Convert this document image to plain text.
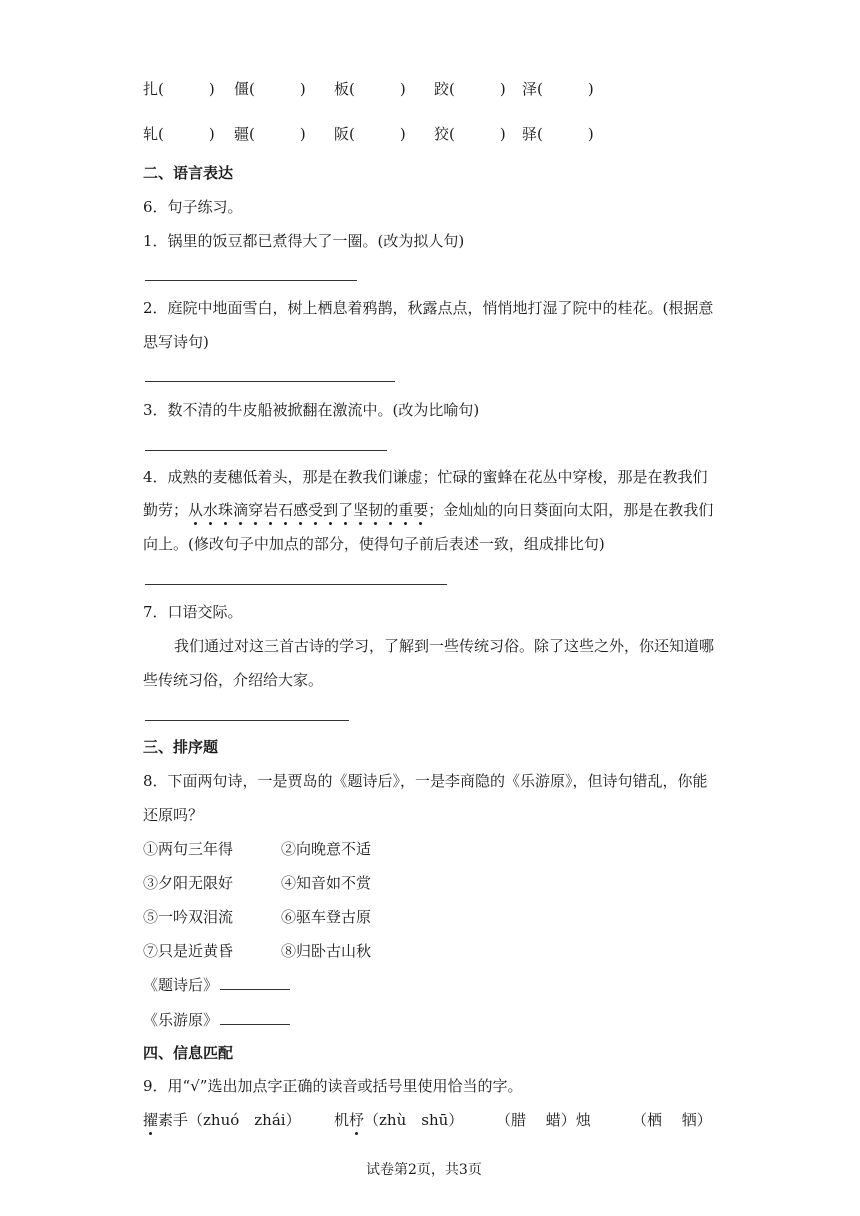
扎(　　　) 僵(　　　) 板(　　　) 跤(　　　) 泽(　　　)
轧(　　　) 疆(　　　) 阪(　　　) 狡(　　　) 驿(　　　)
二、语言表达
6．句子练习。
1．锅里的饭豆都已煮得大了一圈。(改为拟人句)
2．庭院中地面雪白，树上栖息着鸦鹊，秋露点点，悄悄地打湿了院中的桂花。(根据意
思写诗句)
3．数不清的牛皮船被掀翻在激流中。(改为比喻句)
4．成熟的麦穗低着头，那是在教我们谦虚；忙碌的蜜蜂在花丛中穿梭，那是在教我们
勤劳；从水珠滴穿岩石感受到了坚韧的重要；金灿灿的向日葵面向太阳，那是在教我们
向上。(修改句子中加点的部分，使得句子前后表述一致，组成排比句)
7．口语交际。
我们通过对这三首古诗的学习，了解到一些传统习俗。除了这些之外，你还知道哪
些传统习俗，介绍给大家。
三、排序题
8．下面两句诗，一是贾岛的《题诗后》，一是李商隐的《乐游原》，但诗句错乱，你能
还原吗？
①两句三年得	②向晚意不适
③夕阳无限好	④知音如不赏
⑤一吟双泪流	⑥驱车登古原
⑦只是近黄昏	⑧归卧古山秋
《题诗后》
《乐游原》
四、信息匹配
9．用“√”选出加点字正确的读音或括号里使用恰当的字。
擢素手（zhuó　zhái） 机杼（zhù　shū） （腊　 蜡）烛	（栖　 牺）
试卷第2页，共3页
